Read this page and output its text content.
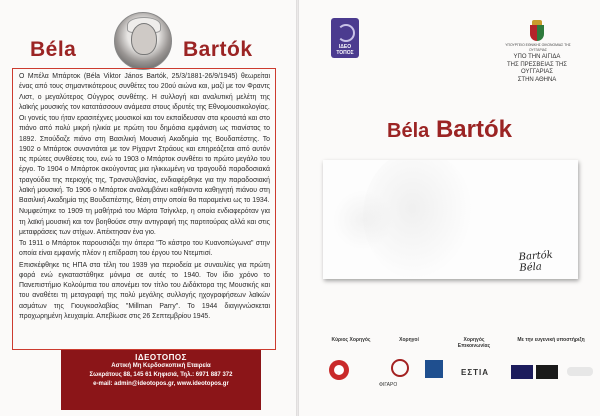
Béla	Bartók

Ο Μπέλα Μπάρτοκ (Béla Viktor János Bartók, 25/3/1881-26/9/1945) θεωρείται ένας από τους σημαντικότερους συνθέτες του 20ού αιώνα και, μαζί με τον Φραντς Λιστ, ο μεγαλύτερος Ούγγρος συνθέτης. Η συλλογή και αναλυτική μελέτη της λαϊκής μουσικής τον κατατάσσουν ανάμεσα στους ιδρυτές της Εθνομουσικολογίας.

Οι γονείς του ήταν ερασιτέχνες μουσικοί και τον εκπαίδευσαν στα κρουστά και στο πιάνο από πολύ μικρή ηλικία με πρώτη του δημόσια εμφάνιση ως πιανίστας το 1892. Σπούδαζε πιάνο στη Βασιλική Μουσική Ακαδημία της Βουδαπέστης. Το 1902 ο Μπάρτοκ συναντάται με τον Ρίχαρντ Στράους και επηρεάζεται από αυτόν τις πρώτες συνθέσεις του, ενώ το 1903 ο Μπάρτοκ συνθέτει το πρώτο μεγάλο του έργο. Το 1904 ο Μπάρτοκ ακούγοντας μια ηλικιωμένη να τραγουδά παραδοσιακά τραγούδια της περιοχής της, Τρανσυλβανίας, ενδιαφέρθηκε για την παραδοσιακή λαϊκή μουσική. Το 1906 ο Μπάρτοκ αναλαμβάνει καθήκοντα καθηγητή πιάνου στη Βασιλική Ακαδημία της Βουδαπέστης, θέση στην οποία θα παραμείνει ως το 1934.

Νυμφεύτηκε το 1909 τη μαθήτριά του Μάρτα Τσίγκλερ, η οποία ενδιαφερόταν για τη λαϊκή μουσική και τον βοηθούσε στην αντιγραφή της παρτιτούρας αλλά και στις μεταφράσεις των στίχων. Απέκτησαν ένα γιο.

Το 1911 ο Μπάρτοκ παρουσιάζει την όπερα "Το κάστρο του Κυανοπώγωνα" στην οποία είναι εμφανής πλέον η επίδραση του έργου του Ντεμπισί.

Επισκέφθηκε τις ΗΠΑ στα τέλη του 1939 για περιοδεία με συναυλίες για πρώτη φορά ενώ εγκαταστάθηκε μόνιμα σε αυτές το 1940. Τον ίδιο χρόνο το Πανεπιστήμιο Κολούμπια του απονέμει τον τίτλο του Διδάκτορα της Μουσικής και του αναθέτει τη μεταγραφή της πολύ μεγάλης συλλογής ηχογραφήσεων λαϊκών ασμάτων της Γιουγκοσλαβίας "Millman Parry". Το 1944 διαγιγνώσκεται προχωρημένη λευχαιμία. Απεβίωσε στις 26 Σεπτεμβρίου 1945.

ΙΔΕΟΤΟΠΟΣ
Αστική Μη Κερδοσκοπική Εταιρεία
Σωκράτους 88, 145 61 Κηφισιά, Τηλ.: 6971 887 372
e-mail: admin@ideotopos.gr, www.ideotopos.gr
ΙΔΕΟ ΤΟΠΟΣ
ΥΠΟΥΡΓΕΙΟ ΕΘΝΙΚΗΣ ΟΙΚΟΝΟΜΙΑΣ ΤΗΣ ΟΥΓΓΑΡΙΑΣ
ΥΠΟ ΤΗΝ ΑΙΓΙΔΑ
ΤΗΣ ΠΡΕΣΒΕΙΑΣ ΤΗΣ ΟΥΓΓΑΡΙΑΣ
ΣΤΗΝ ΑΘΗΝΑ
Béla Bartók
Bartók Béla
Κύριος Χορηγός	Χορηγοί	Χορηγός Επικοινωνίας
Με την ευγενική υποστήριξη
ΦΙΓΑΡΟ
ΕΣΤΙΑ
